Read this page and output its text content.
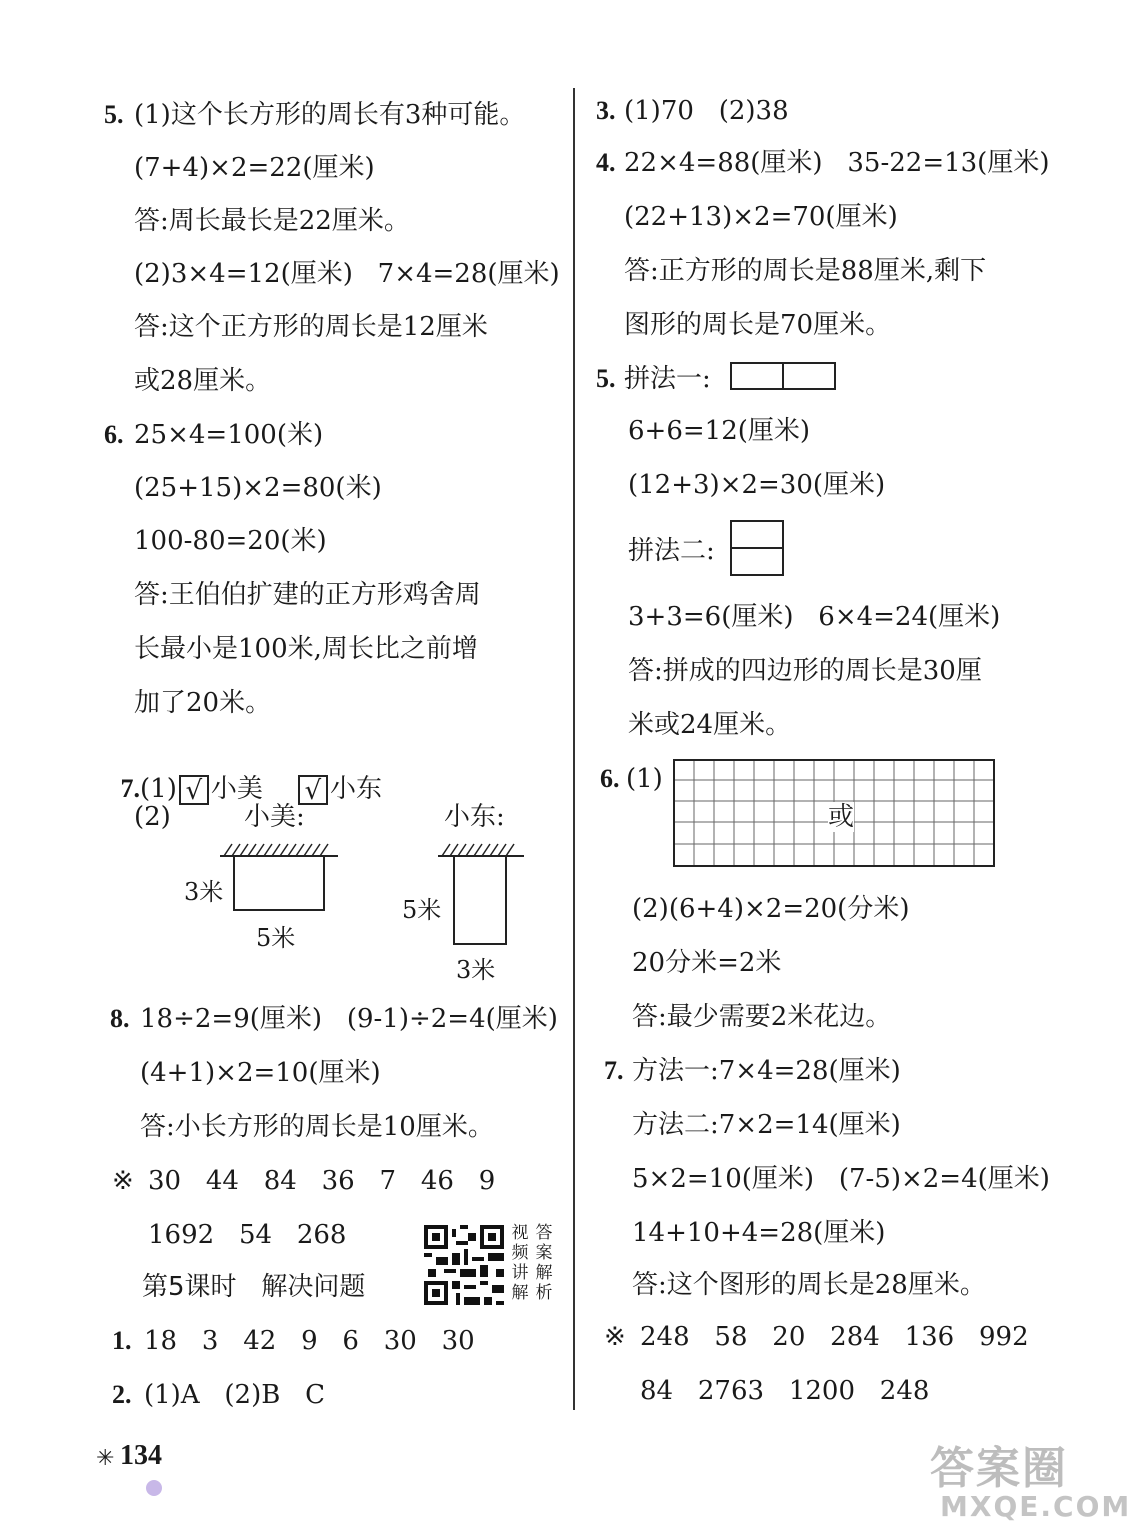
5. (1)这个长方形的周长有3种可能。
(7+4)×2=22(厘米)
答:周长最长是22厘米。
(2)3×4=12(厘米)   7×4=28(厘米)
答:这个正方形的周长是12厘米
或28厘米。
6. 25×4=100(米)
(25+15)×2=80(米)
100-80=20(米)
答:王伯伯扩建的正方形鸡舍周
长最小是100米,周长比之前增
加了20米。

7.(1) √ 小美 √ 小东

(2)	小美:	小东:
3米
5米
5米
3米
8. 18÷2=9(厘米)   (9-1)÷2=4(厘米)
(4+1)×2=10(厘米)
答:小长方形的周长是10厘米。
※ 30   44   84   36   7   46   9
1692   54   268
第5课时   解决问题
视频讲解
答案解析
1. 18   3   42   9   6   30   30
2. (1)A   (2)B   C
3. (1)70   (2)38
4. 22×4=88(厘米)   35-22=13(厘米)
(22+13)×2=70(厘米)
答:正方形的周长是88厘米,剩下
图形的周长是70厘米。
5. 拼法一:
6+6=12(厘米)
(12+3)×2=30(厘米)
拼法二:
3+3=6(厘米)   6×4=24(厘米)
答:拼成的四边形的周长是30厘
米或24厘米。
6. (1)
或
(2)(6+4)×2=20(分米)
20分米=2米
答:最少需要2米花边。
7. 方法一:7×4=28(厘米)
方法二:7×2=14(厘米)
5×2=10(厘米)   (7-5)×2=4(厘米)
14+10+4=28(厘米)
答:这个图形的周长是28厘米。
※ 248   58   20   284   136   992
84   2763   1200   248
✳ 134	答案圈
MXQE.COM
